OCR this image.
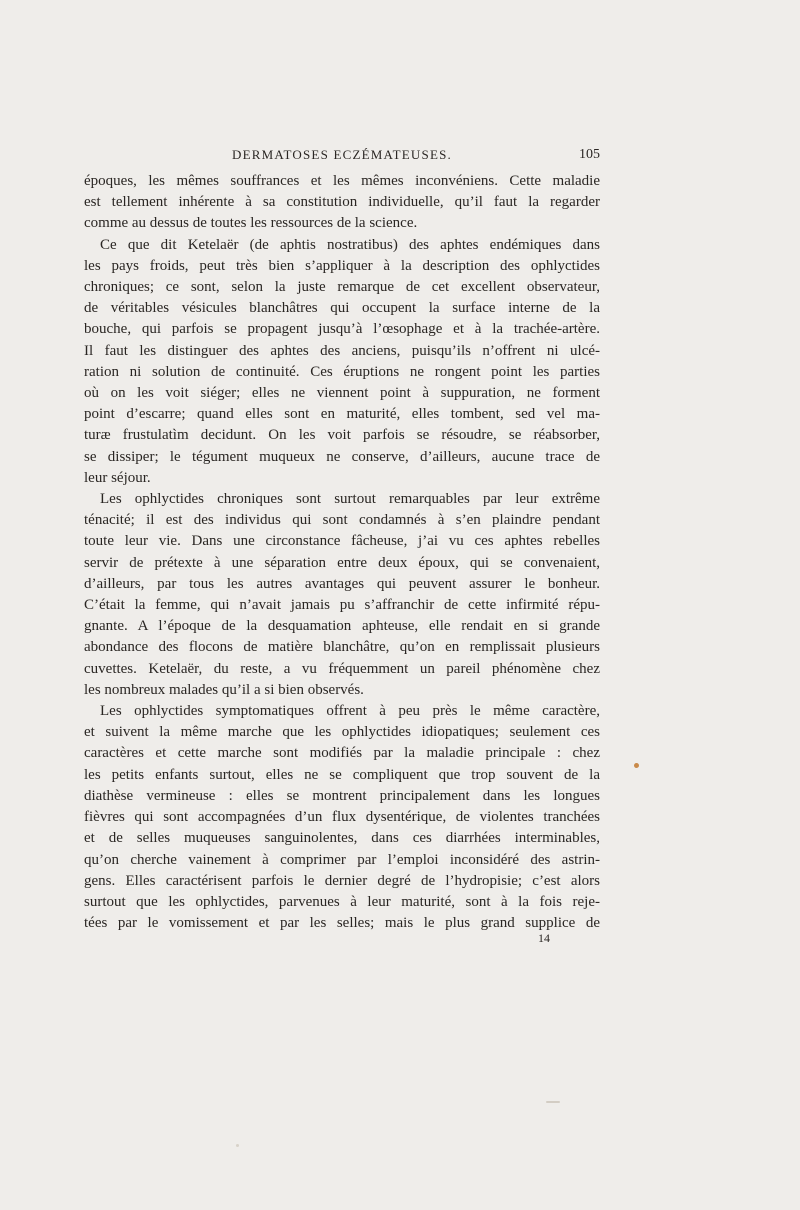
DERMATOSES ECZÉMATEUSES.	105
époques, les mêmes souffrances et les mêmes inconvéniens. Cette maladie
est tellement inhérente à sa constitution individuelle, qu’il faut la regarder
comme au dessus de toutes les ressources de la science.
Ce que dit Ketelaër (de aphtis nostratibus) des aphtes endémiques dans
les pays froids, peut très bien s’appliquer à la description des ophlyctides
chroniques; ce sont, selon la juste remarque de cet excellent observateur,
de véritables vésicules blanchâtres qui occupent la surface interne de la
bouche, qui parfois se propagent jusqu’à l’œsophage et à la trachée-artère.
Il faut les distinguer des aphtes des anciens, puisqu’ils n’offrent ni ulcé-
ration ni solution de continuité. Ces éruptions ne rongent point les parties
où on les voit siéger; elles ne viennent point à suppuration, ne forment
point d’escarre; quand elles sont en maturité, elles tombent, sed vel ma-
turæ frustulatìm decidunt. On les voit parfois se résoudre, se réabsorber,
se dissiper; le tégument muqueux ne conserve, d’ailleurs, aucune trace de
leur séjour.
Les ophlyctides chroniques sont surtout remarquables par leur extrême
ténacité; il est des individus qui sont condamnés à s’en plaindre pendant
toute leur vie. Dans une circonstance fâcheuse, j’ai vu ces aphtes rebelles
servir de prétexte à une séparation entre deux époux, qui se convenaient,
d’ailleurs, par tous les autres avantages qui peuvent assurer le bonheur.
C’était la femme, qui n’avait jamais pu s’affranchir de cette infirmité répu-
gnante. A l’époque de la desquamation aphteuse, elle rendait en si grande
abondance des flocons de matière blanchâtre, qu’on en remplissait plusieurs
cuvettes. Ketelaër, du reste, a vu fréquemment un pareil phénomène chez
les nombreux malades qu’il a si bien observés.
Les ophlyctides symptomatiques offrent à peu près le même caractère,
et suivent la même marche que les ophlyctides idiopatiques; seulement ces
caractères et cette marche sont modifiés par la maladie principale : chez
les petits enfants surtout, elles ne se compliquent que trop souvent de la
diathèse vermineuse : elles se montrent principalement dans les longues
fièvres qui sont accompagnées d’un flux dysentérique, de violentes tranchées
et de selles muqueuses sanguinolentes, dans ces diarrhées interminables,
qu’on cherche vainement à comprimer par l’emploi inconsidéré des astrin-
gens. Elles caractérisent parfois le dernier degré de l’hydropisie; c’est alors
surtout que les ophlyctides, parvenues à leur maturité, sont à la fois reje-
tées par le vomissement et par les selles; mais le plus grand supplice de
14
